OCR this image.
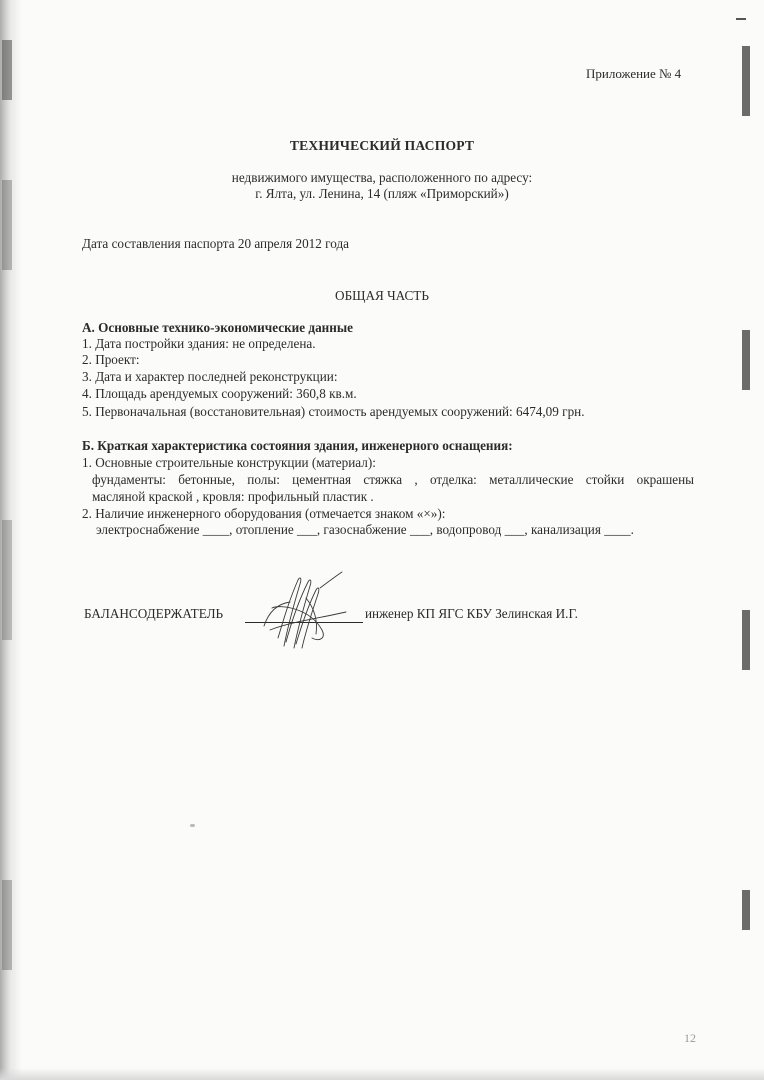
Приложение № 4
ТЕХНИЧЕСКИЙ ПАСПОРТ
недвижимого имущества, расположенного по адресу:
г. Ялта, ул. Ленина, 14 (пляж «Приморский»)
Дата составления паспорта 20 апреля 2012 года
ОБЩАЯ ЧАСТЬ
А. Основные технико-экономические данные
1. Дата постройки здания: не определена.
2. Проект:
3. Дата и характер последней реконструкции:
4. Площадь арендуемых сооружений: 360,8 кв.м.
5. Первоначальная (восстановительная) стоимость арендуемых сооружений: 6474,09 грн.
Б. Краткая характеристика состояния здания, инженерного оснащения:
1. Основные строительные конструкции (материал):
фундаменты: бетонные, полы: цементная стяжка , отделка: металлические стойки окрашены
масляной краской , кровля: профильный пластик .
2. Наличие инженерного оборудования (отмечается знаком «×»):
электроснабжение ____, отопление ___, газоснабжение ___, водопровод ___, канализация ____.
БАЛАНСОДЕРЖАТЕЛЬ	инженер КП ЯГС КБУ Зелинская И.Г.
12
